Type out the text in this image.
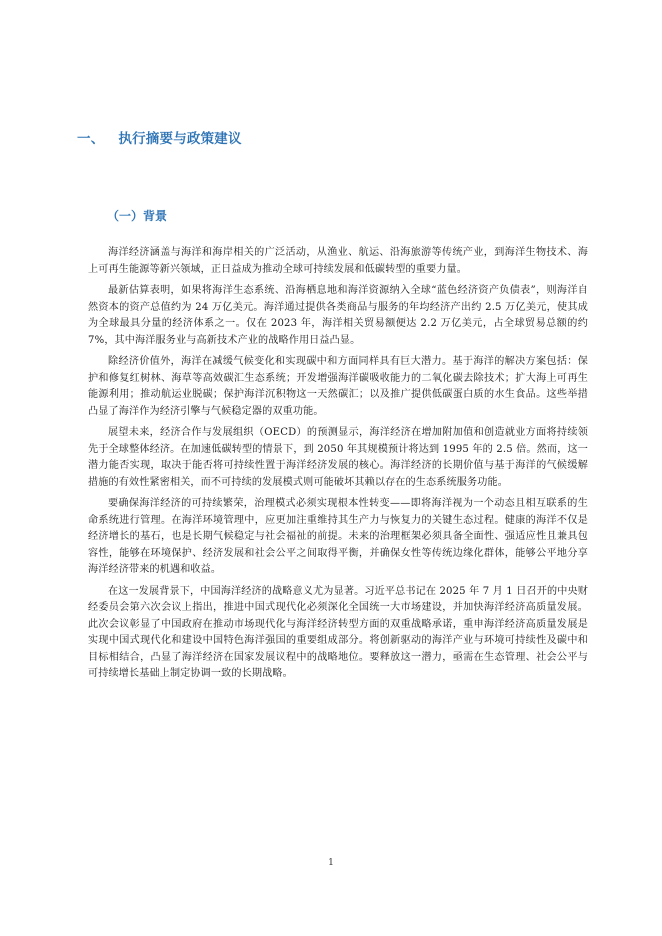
一、 执行摘要与政策建议
（一）背景

海洋经济涵盖与海洋和海岸相关的广泛活动，从渔业、航运、沿海旅游等传统产业，到海洋生物技术、海上可再生能源等新兴领域，正日益成为推动全球可持续发展和低碳转型的重要力量。

最新估算表明，如果将海洋生态系统、沿海栖息地和海洋资源纳入全球“蓝色经济资产负债表”，则海洋自然资本的资产总值约为 24 万亿美元。海洋通过提供各类商品与服务的年均经济产出约 2.5 万亿美元，使其成为全球最具分量的经济体系之一。仅在 2023 年，海洋相关贸易额便达 2.2 万亿美元，占全球贸易总额的约 7%，其中海洋服务业与高新技术产业的战略作用日益凸显。

除经济价值外，海洋在减缓气候变化和实现碳中和方面同样具有巨大潜力。基于海洋的解决方案包括：保护和修复红树林、海草等高效碳汇生态系统；开发增强海洋碳吸收能力的二氧化碳去除技术；扩大海上可再生能源利用；推动航运业脱碳；保护海洋沉积物这一天然碳汇；以及推广提供低碳蛋白质的水生食品。这些举措凸显了海洋作为经济引擎与气候稳定器的双重功能。

展望未来，经济合作与发展组织（OECD）的预测显示，海洋经济在增加附加值和创造就业方面将持续领先于全球整体经济。在加速低碳转型的情景下，到 2050 年其规模预计将达到 1995 年的 2.5 倍。然而，这一潜力能否实现，取决于能否将可持续性置于海洋经济发展的核心。海洋经济的长期价值与基于海洋的气候缓解措施的有效性紧密相关，而不可持续的发展模式则可能破坏其赖以存在的生态系统服务功能。

要确保海洋经济的可持续繁荣，治理模式必须实现根本性转变——即将海洋视为一个动态且相互联系的生命系统进行管理。在海洋环境管理中，应更加注重维持其生产力与恢复力的关键生态过程。健康的海洋不仅是经济增长的基石，也是长期气候稳定与社会福祉的前提。未来的治理框架必须具备全面性、强适应性且兼具包容性，能够在环境保护、经济发展和社会公平之间取得平衡，并确保女性等传统边缘化群体，能够公平地分享海洋经济带来的机遇和收益。

在这一发展背景下，中国海洋经济的战略意义尤为显著。习近平总书记在 2025 年 7 月 1 日召开的中央财经委员会第六次会议上指出，推进中国式现代化必须深化全国统一大市场建设，并加快海洋经济高质量发展。此次会议彰显了中国政府在推动市场现代化与海洋经济转型方面的双重战略承诺，重申海洋经济高质量发展是实现中国式现代化和建设中国特色海洋强国的重要组成部分。将创新驱动的海洋产业与环境可持续性及碳中和目标相结合，凸显了海洋经济在国家发展议程中的战略地位。要释放这一潜力，亟需在生态管理、社会公平与可持续增长基础上制定协调一致的长期战略。

1
